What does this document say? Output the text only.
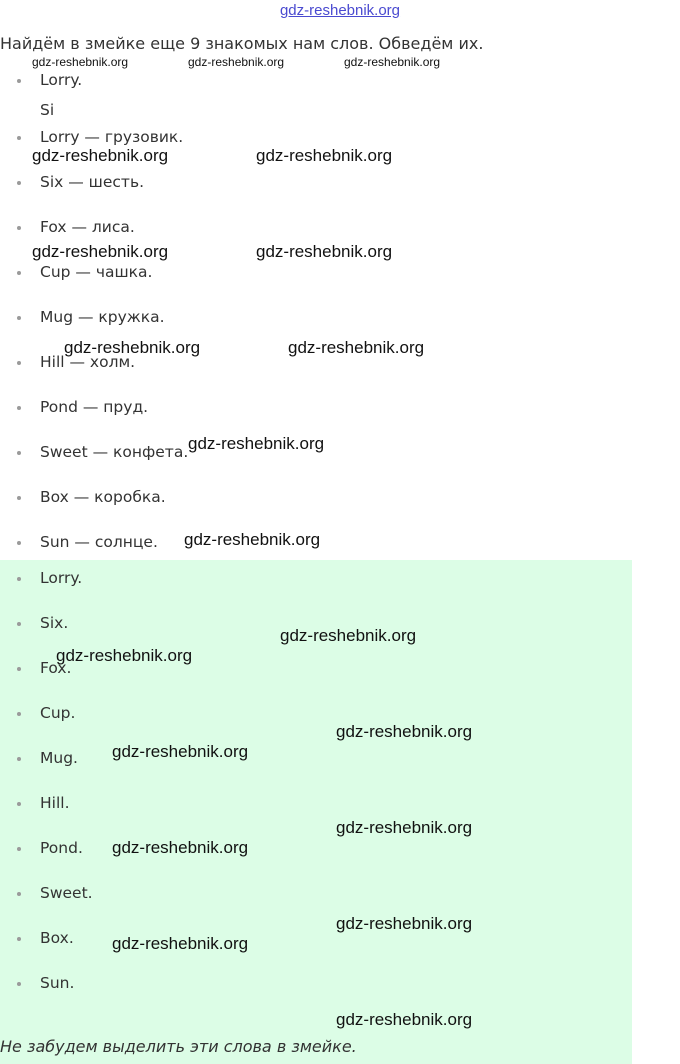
gdz-reshebnik.org

Найдём в змейке еще 9 знакомых нам слов. Обведём их.

Lorry.
Si
Lorry — грузовик.
Six — шесть.
Fox — лиса.
Cup — чашка.
Mug — кружка.
Hill — холм.
Pond — пруд.
Sweet — конфета.
Box — коробка.
Sun — солнце.
Lorry.
Six.
Fox.
Cup.
Mug.
Hill.
Pond.
Sweet.
Box.
Sun.

Не забудем выделить эти слова в змейке.

gdz-reshebnik.org	gdz-reshebnik.org	gdz-reshebnik.org
gdz-reshebnik.org	gdz-reshebnik.org
gdz-reshebnik.org	gdz-reshebnik.org
gdz-reshebnik.org	gdz-reshebnik.org
gdz-reshebnik.org
gdz-reshebnik.org
gdz-reshebnik.org
gdz-reshebnik.org
gdz-reshebnik.org
gdz-reshebnik.org
gdz-reshebnik.org
gdz-reshebnik.org
gdz-reshebnik.org
gdz-reshebnik.org
gdz-reshebnik.org
